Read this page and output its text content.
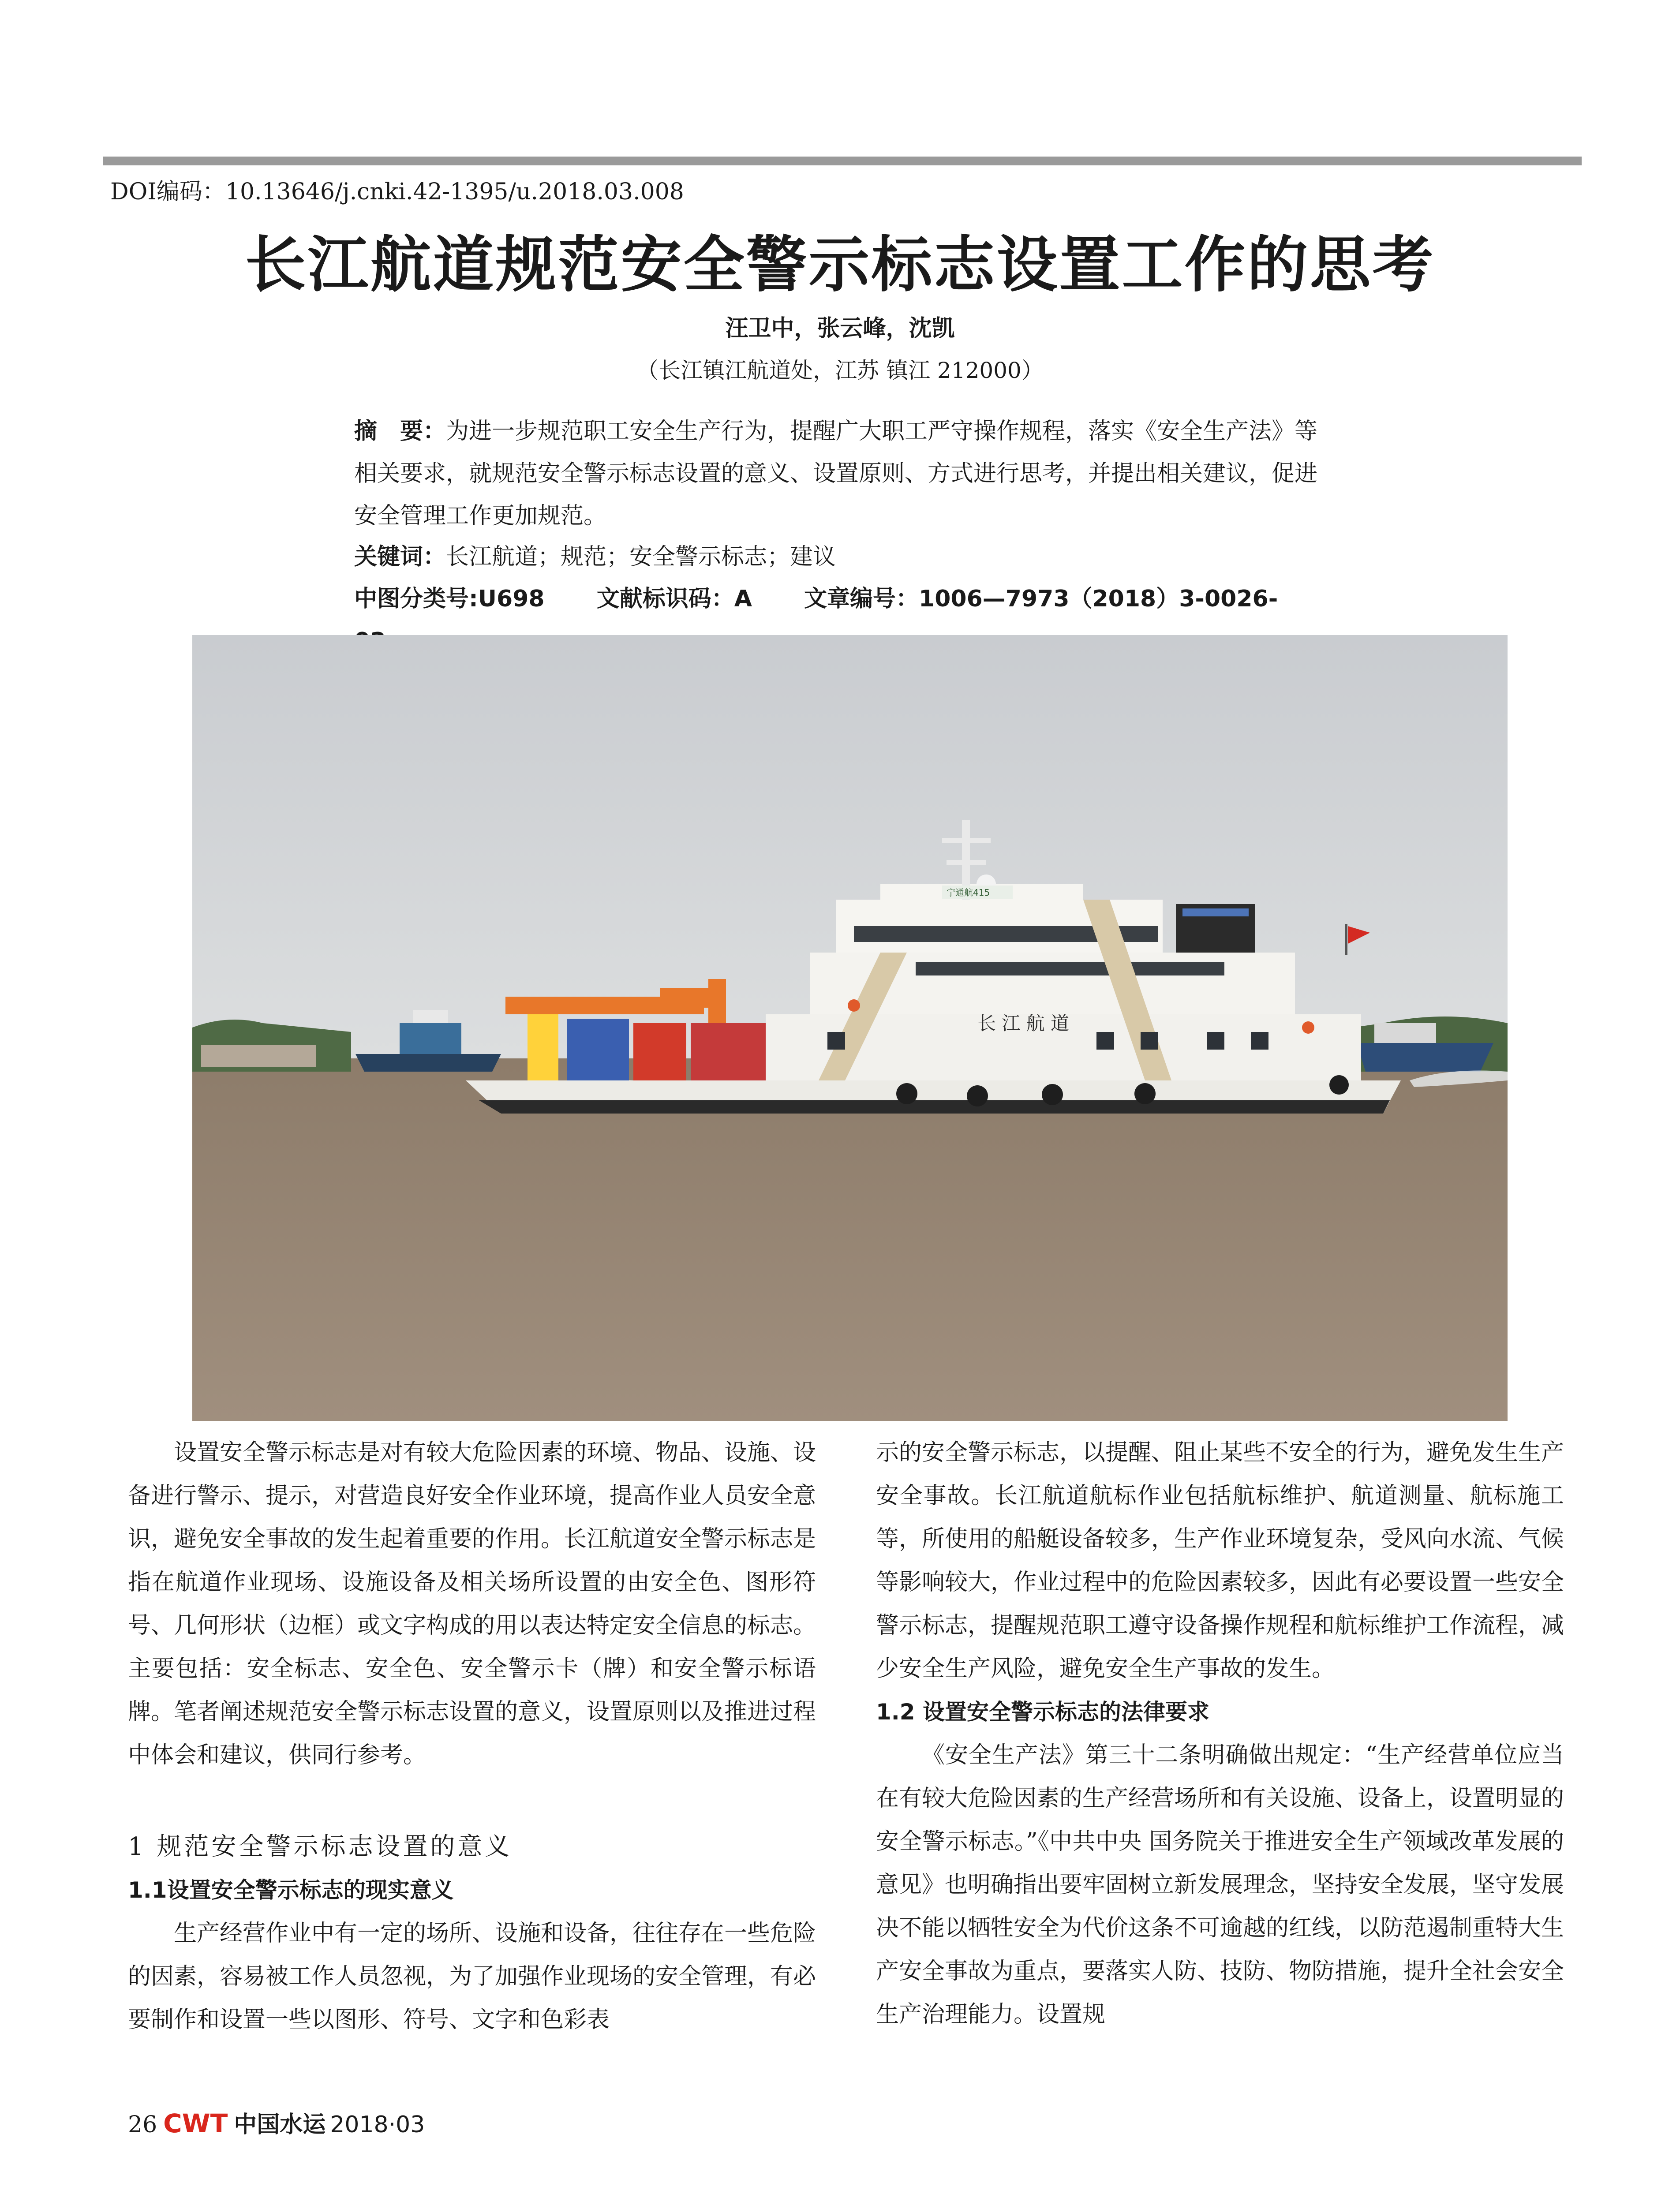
DOI编码：10.13646/j.cnki.42-1395/u.2018.03.008
长江航道规范安全警示标志设置工作的思考
汪卫中，张云峰，沈凯
（长江镇江航道处，江苏 镇江 212000）
摘　要：为进一步规范职工安全生产行为，提醒广大职工严守操作规程，落实《安全生产法》等相关要求，就规范安全警示标志设置的意义、设置原则、方式进行思考，并提出相关建议，促进安全管理工作更加规范。
关键词：长江航道；规范；安全警示标志；建议
中图分类号:U698 文献标识码：A 文章编号：1006—7973（2018）3-0026-
长 江 航 道
宁通航415

设置安全警示标志是对有较大危险因素的环境、物品、设施、设备进行警示、提示，对营造良好安全作业环境，提高作业人员安全意识，避免安全事故的发生起着重要的作用。长江航道安全警示标志是指在航道作业现场、设施设备及相关场所设置的由安全色、图形符号、几何形状（边框）或文字构成的用以表达特定安全信息的标志。主要包括：安全标志、安全色、安全警示卡（牌）和安全警示标语牌。笔者阐述规范安全警示标志设置的意义，设置原则以及推进过程中体会和建议，供同行参考。

1 规范安全警示标志设置的意义
1.1设置安全警示标志的现实意义

生产经营作业中有一定的场所、设施和设备，往往存在一些危险的因素，容易被工作人员忽视，为了加强作业现场的安全管理，有必要制作和设置一些以图形、符号、文字和色彩表

示的安全警示标志，以提醒、阻止某些不安全的行为，避免发生生产安全事故。长江航道航标作业包括航标维护、航道测量、航标施工等，所使用的船艇设备较多，生产作业环境复杂，受风向水流、气候等影响较大，作业过程中的危险因素较多，因此有必要设置一些安全警示标志，提醒规范职工遵守设备操作规程和航标维护工作流程，减少安全生产风险，避免安全生产事故的发生。

1.2 设置安全警示标志的法律要求

《安全生产法》第三十二条明确做出规定：“生产经营单位应当在有较大危险因素的生产经营场所和有关设施、设备上，设置明显的安全警示标志。”《中共中央 国务院关于推进安全生产领域改革发展的意见》也明确指出要牢固树立新发展理念，坚持安全发展，坚守发展决不能以牺牲安全为代价这条不可逾越的红线，以防范遏制重特大生产安全事故为重点，要落实人防、技防、物防措施，提升全社会安全生产治理能力。设置规

26 CWT 中国水运 2018·03
